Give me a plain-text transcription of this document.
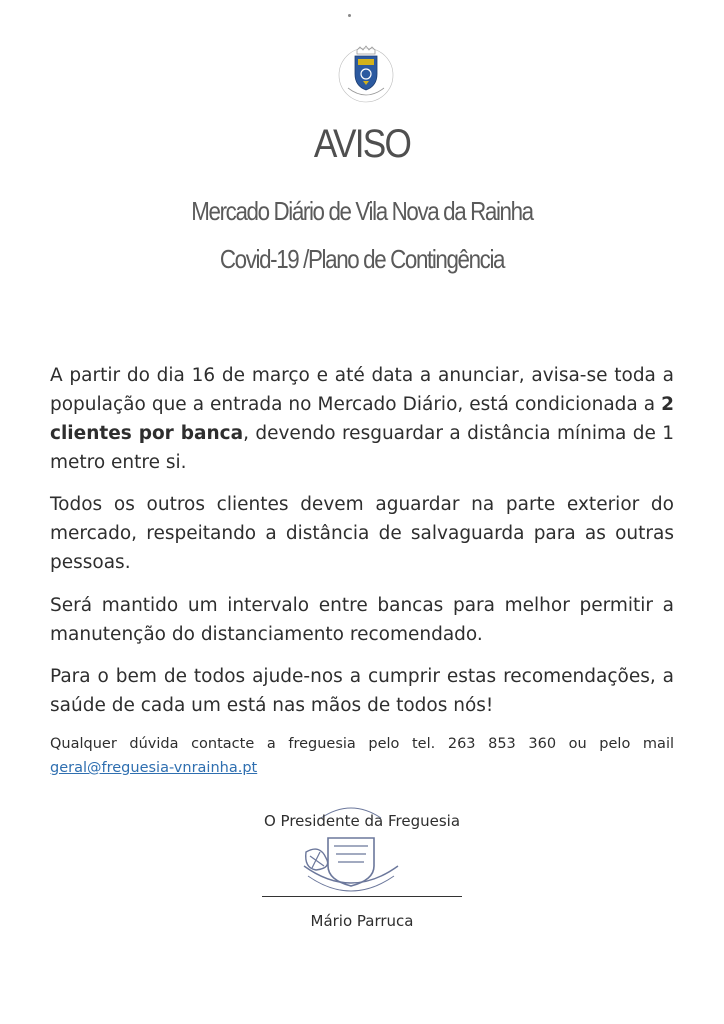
AVISO
Mercado Diário de Vila Nova da Rainha
Covid-19 /Plano de Contingência

A partir do dia 16 de março e até data a anunciar, avisa-se toda a população que a entrada no Mercado Diário, está condicionada a 2 clientes por banca, devendo resguardar a distância mínima de 1 metro entre si.

Todos os outros clientes devem aguardar na parte exterior do mercado, respeitando a distância de salvaguarda para as outras pessoas.

Será mantido um intervalo entre bancas para melhor permitir a manutenção do distanciamento recomendado.

Para o bem de todos ajude-nos a cumprir estas recomendações, a saúde de cada um está nas mãos de todos nós!

Qualquer dúvida contacte a freguesia pelo tel. 263 853 360 ou pelo mail geral@freguesia-vnrainha.pt

O Presidente da Freguesia

Mário Parruca
